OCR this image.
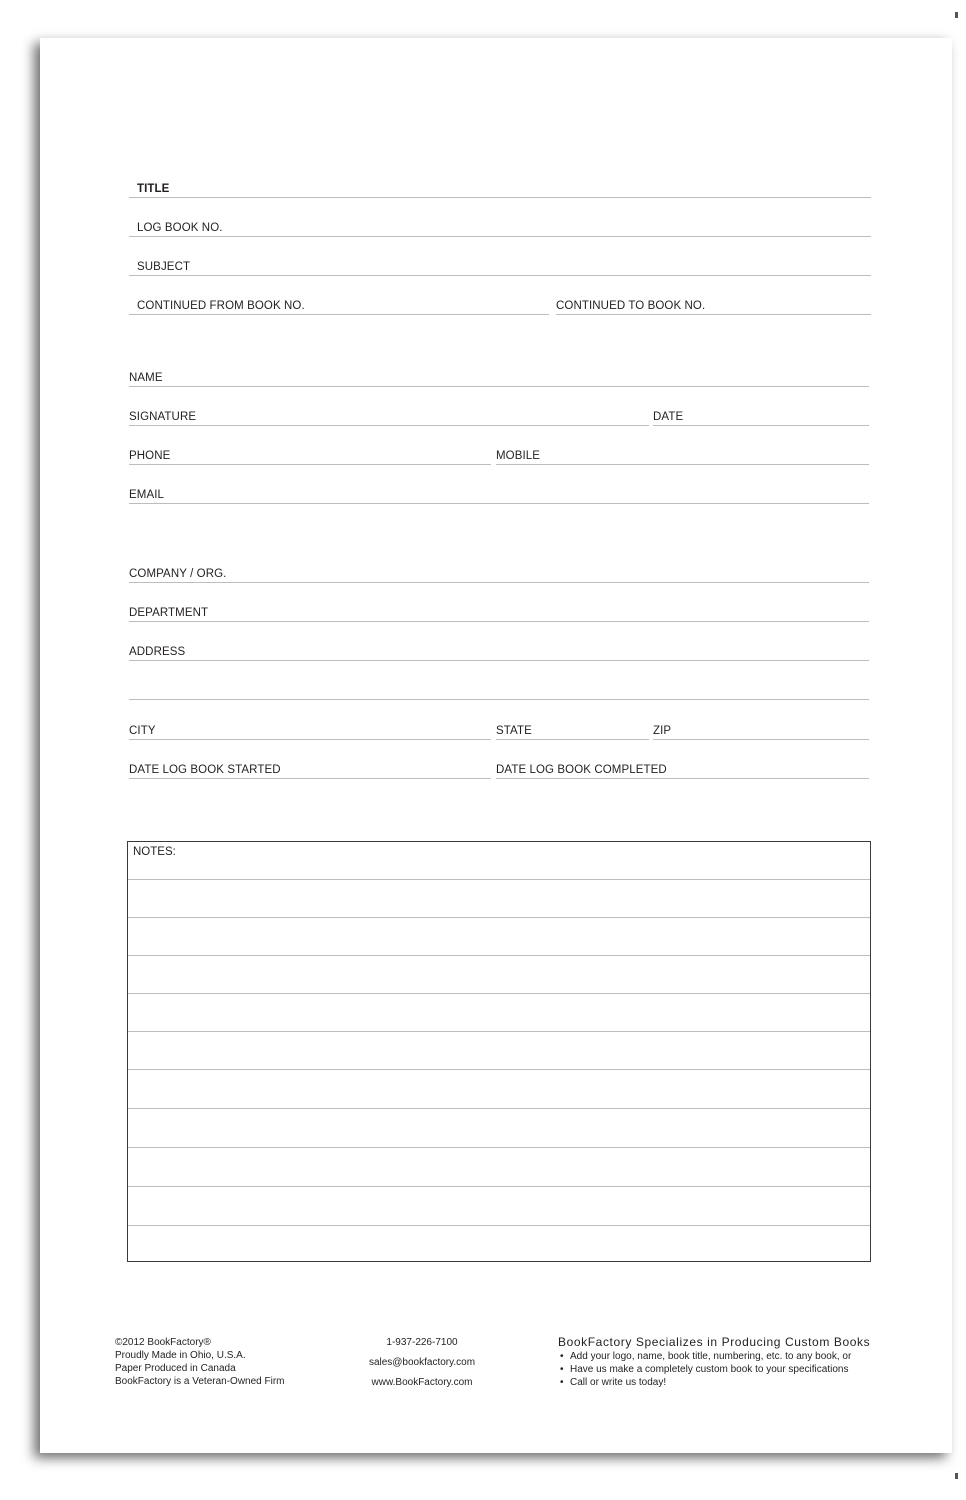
TITLE
LOG BOOK NO.
SUBJECT
CONTINUED FROM BOOK NO.	CONTINUED TO BOOK NO.
NAME
SIGNATURE	DATE
PHONE	MOBILE
EMAIL
COMPANY / ORG.
DEPARTMENT
ADDRESS
CITY	STATE	ZIP
DATE LOG BOOK STARTED	DATE LOG BOOK COMPLETED
NOTES:
©2012 BookFactory®
Proudly Made in Ohio, U.S.A.
Paper Produced in Canada
BookFactory is a Veteran-Owned Firm
1-937-226-7100
sales@bookfactory.com
www.BookFactory.com
BookFactory Specializes in Producing Custom Books
• Add your logo, name, book title, numbering, etc. to any book, or
• Have us make a completely custom book to your specifications
• Call or write us today!
